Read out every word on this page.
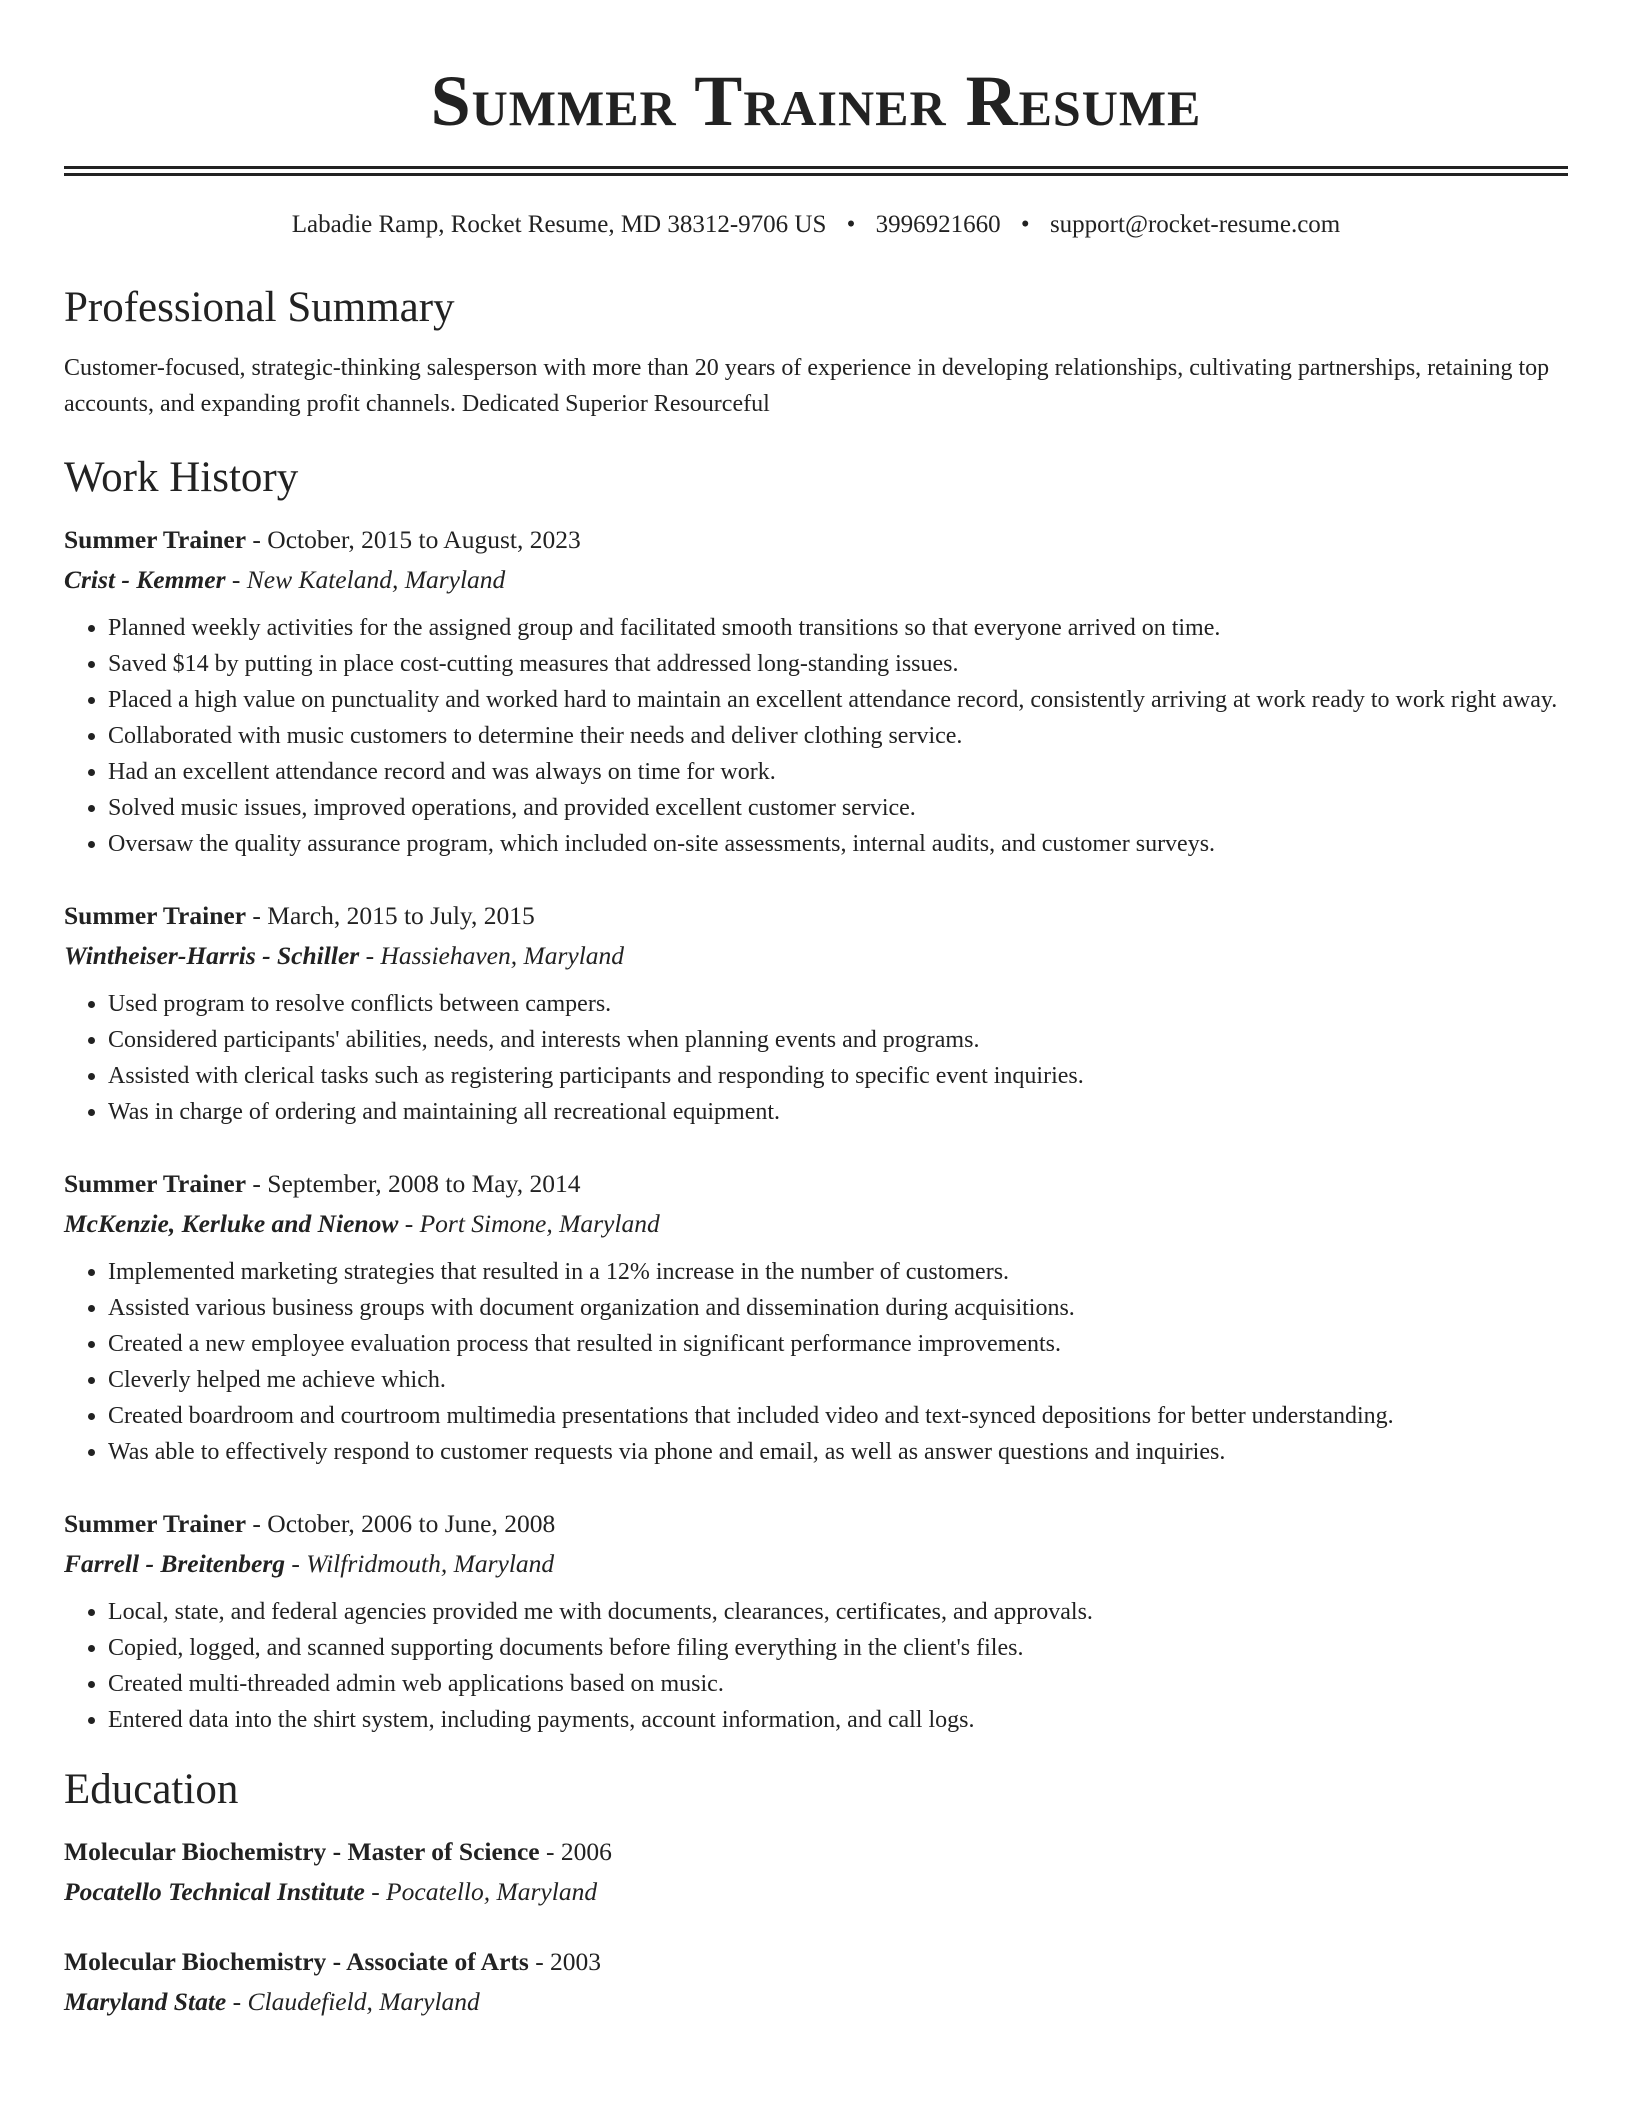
Summer Trainer Resume
Labadie Ramp, Rocket Resume, MD 38312-9706 US • 3996921660 • support@rocket-resume.com
Professional Summary
Customer-focused, strategic-thinking salesperson with more than 20 years of experience in developing relationships, cultivating partnerships, retaining top accounts, and expanding profit channels. Dedicated Superior Resourceful
Work History
Summer Trainer - October, 2015 to August, 2023
Crist - Kemmer - New Kateland, Maryland
• Planned weekly activities for the assigned group and facilitated smooth transitions so that everyone arrived on time.
• Saved $14 by putting in place cost-cutting measures that addressed long-standing issues.
• Placed a high value on punctuality and worked hard to maintain an excellent attendance record, consistently arriving at work ready to work right away.
• Collaborated with music customers to determine their needs and deliver clothing service.
• Had an excellent attendance record and was always on time for work.
• Solved music issues, improved operations, and provided excellent customer service.
• Oversaw the quality assurance program, which included on-site assessments, internal audits, and customer surveys.
Summer Trainer - March, 2015 to July, 2015
Wintheiser-Harris - Schiller - Hassiehaven, Maryland
• Used program to resolve conflicts between campers.
• Considered participants' abilities, needs, and interests when planning events and programs.
• Assisted with clerical tasks such as registering participants and responding to specific event inquiries.
• Was in charge of ordering and maintaining all recreational equipment.
Summer Trainer - September, 2008 to May, 2014
McKenzie, Kerluke and Nienow - Port Simone, Maryland
• Implemented marketing strategies that resulted in a 12% increase in the number of customers.
• Assisted various business groups with document organization and dissemination during acquisitions.
• Created a new employee evaluation process that resulted in significant performance improvements.
• Cleverly helped me achieve which.
• Created boardroom and courtroom multimedia presentations that included video and text-synced depositions for better understanding.
• Was able to effectively respond to customer requests via phone and email, as well as answer questions and inquiries.
Summer Trainer - October, 2006 to June, 2008
Farrell - Breitenberg - Wilfridmouth, Maryland
• Local, state, and federal agencies provided me with documents, clearances, certificates, and approvals.
• Copied, logged, and scanned supporting documents before filing everything in the client's files.
• Created multi-threaded admin web applications based on music.
• Entered data into the shirt system, including payments, account information, and call logs.
Education
Molecular Biochemistry - Master of Science - 2006
Pocatello Technical Institute - Pocatello, Maryland
Molecular Biochemistry - Associate of Arts - 2003
Maryland State - Claudefield, Maryland
